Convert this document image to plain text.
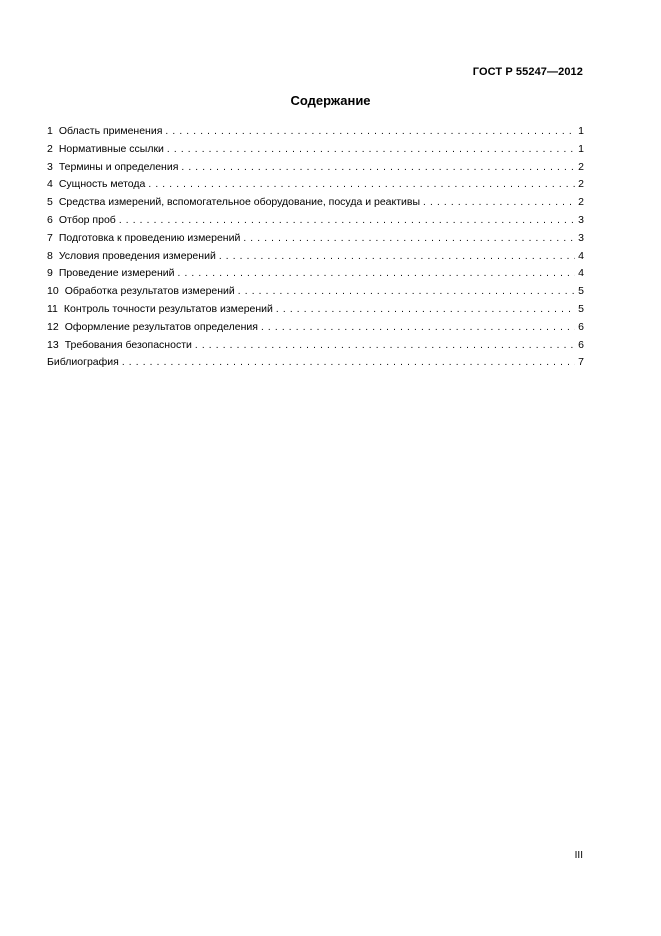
ГОСТ Р 55247—2012
Содержание
1 Область применения . . .	1
2 Нормативные ссылки . . .	1
3 Термины и определения . . .	2
4 Сущность метода . . .	2
5 Средства измерений, вспомогательное оборудование, посуда и реактивы . . .	2
6 Отбор проб . . .	3
7 Подготовка к проведению измерений . . .	3
8 Условия проведения измерений . . .	4
9 Проведение измерений . . .	4
10 Обработка результатов измерений . . .	5
11 Контроль точности результатов измерений . . .	5
12 Оформление результатов определения . . .	6
13 Требования безопасности . . .	6
Библиография . . .	7
III
